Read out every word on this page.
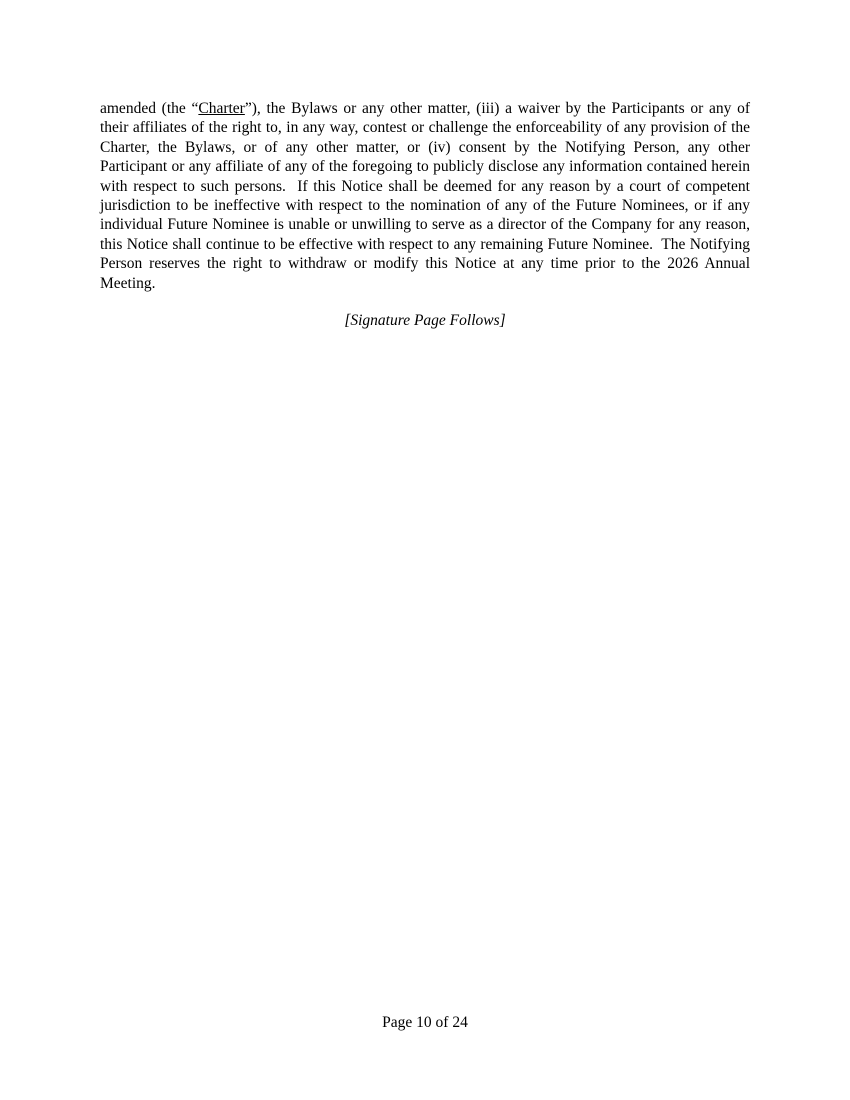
amended (the “Charter”), the Bylaws or any other matter, (iii) a waiver by the Participants or any of their affiliates of the right to, in any way, contest or challenge the enforceability of any provision of the Charter, the Bylaws, or of any other matter, or (iv) consent by the Notifying Person, any other Participant or any affiliate of any of the foregoing to publicly disclose any information contained herein with respect to such persons.  If this Notice shall be deemed for any reason by a court of competent jurisdiction to be ineffective with respect to the nomination of any of the Future Nominees, or if any individual Future Nominee is unable or unwilling to serve as a director of the Company for any reason, this Notice shall continue to be effective with respect to any remaining Future Nominee.  The Notifying Person reserves the right to withdraw or modify this Notice at any time prior to the 2026 Annual Meeting.

[Signature Page Follows]

Page 10 of 24
